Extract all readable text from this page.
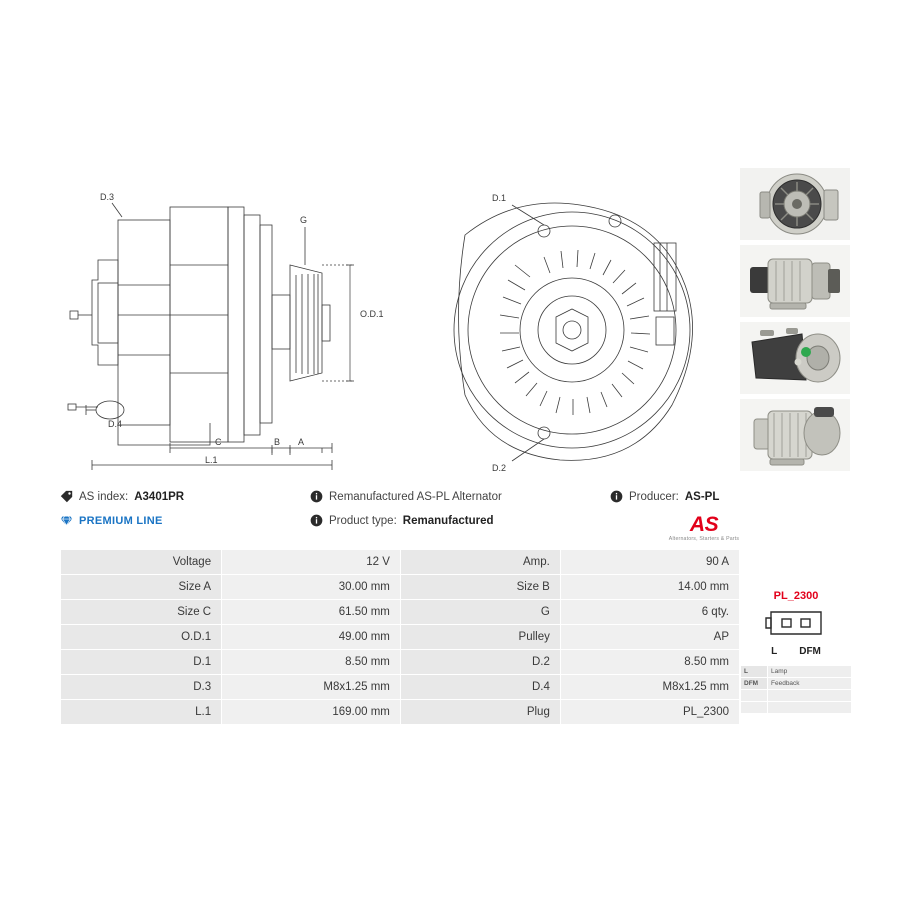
D.3
G
O.D.1
D.4
C	B A
L.1
D.1
D.2
AS index: A3401PR	Remanufactured AS-PL Alternator	Producer: AS-PL
PREMIUM LINE	Product type: Remanufactured	AS
Alternators, Starters & Parts
Voltage	12 V	Amp.	90 A
Size A	30.00 mm	Size B	14.00 mm
Size C	61.50 mm	G	6 qty.
O.D.1	49.00 mm	Pulley	AP
D.1	8.50 mm	D.2	8.50 mm
D.3	M8x1.25 mm	D.4	M8x1.25 mm
L.1	169.00 mm	Plug	PL_2300
PL_2300
L DFM
L	Lamp
DFM	Feedback
